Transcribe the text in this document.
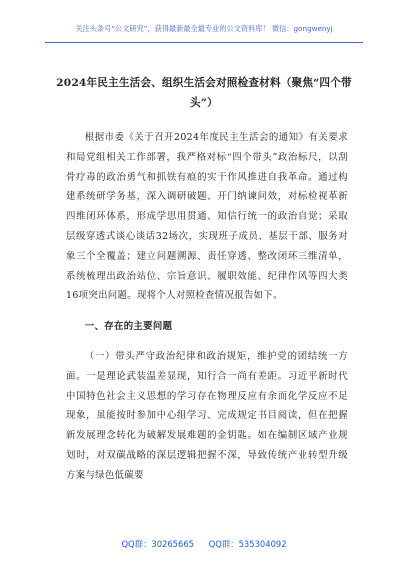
关注头条号“公文研究”，获得最新最全最专业的公文资料库！ 微信：gongwenyj
2024年民主生活会、组织生活会对照检查材料（聚焦“四个带头”）

根据市委《关于召开2024年度民主生活会的通知》有关要求和局党组相关工作部署，我严格对标“四个带头”政治标尺，以刮骨疗毒的政治勇气和抓铁有痕的实干作风推进自我革命。通过构建系统研学务基，深入调研破题、开门纳谏问效，对标检视革新四维闭环体系，形成学思用贯通、知信行统一的政治自觉；采取层级穿透式谈心谈话32场次，实现班子成员、基层干部、服务对象三个全覆盖；建立问题溯源、责任穿透、整改闭环三维清单，系统梳理出政治站位、宗旨意识、履职效能、纪律作风等四大类16项突出问题。现将个人对照检查情况报告如下。

一、存在的主要问题

（一）带头严守政治纪律和政治规矩，维护党的团结统一方面。一是理论武装温差显现，知行合一尚有差距。习近平新时代中国特色社会主义思想的学习存在物理反应有余而化学反应不足现象，虽能按时参加中心组学习、完成规定书目阅读，但在把握新发展理念转化为破解发展难题的金钥匙。如在编制区域产业规划时，对双碳战略的深层逻辑把握不深，导致传统产业转型升级方案与绿色低碳要

QQ群：30265665 QQ群：535304092
